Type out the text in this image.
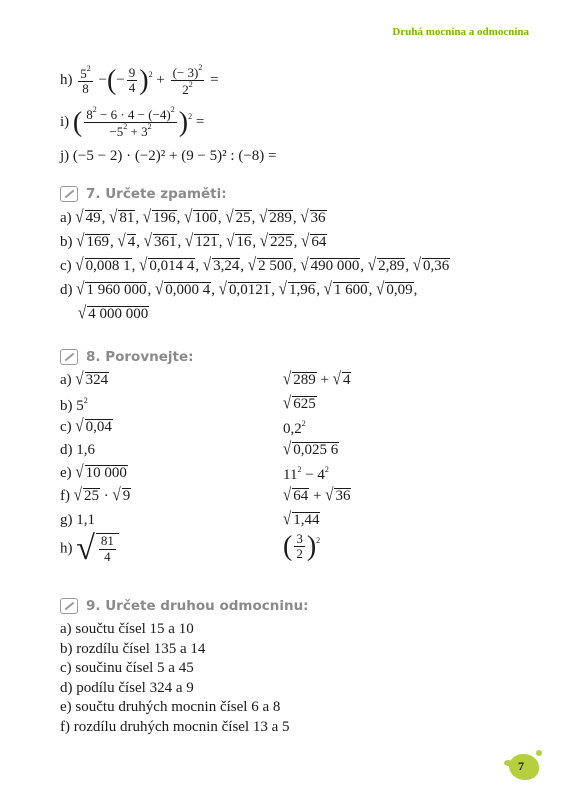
Druhá mocnina a odmocnina
$h) \frac{5^2}{8}$ −(− $\frac{9}{4} )^2 + \frac{(- 3)^2}{2^2}$ =
i) ( $\frac{8^2 - 6 \cdot 4 - (-4)^2}{-5^2 + 3^2} )^2$ =
j) (−5 − 2) · (−2)² + (9 − 5)² : (−8) =
7. Určete zpaměti:
a) √ 49, √ 81, √ 196, √ 100, √ 25, √ 289, √ 36
b) √ 169, √ 4, √ 361, √ 121, √ 16, √ 225, √ 64
c) √ 0,008 1, √ 0,014 4, √ 3,24, √ 2 500, √ 490 000, √ 2,89, √ 0,36
d) √ 1 960 000, √ 0,000 4, √ 0,0121, √ 1,96, √ 1 600, √ 0,09,
√ 4 000 000
8. Porovnejte:
a) √ 324	√ 289 + √ 4
b) $5^2$	√ 625
c) √ 0,04	$0,2^2$
d) 1,6	√ 0,025 6
e) √ 10 000	$11^2 - 4^2$
f) √ 25 · √ 9	√ 64 + √ 36
g) 1,1	√ 1,44
h) √ $\frac{81}{4}$	( $\frac{3}{2} )^2$
9. Určete druhou odmocninu:
a) součtu čísel 15 a 10
b) rozdílu čísel 135 a 14
c) součinu čísel 5 a 45
d) podílu čísel 324 a 9
e) součtu druhých mocnin čísel 6 a 8
f) rozdílu druhých mocnin čísel 13 a 5
7
